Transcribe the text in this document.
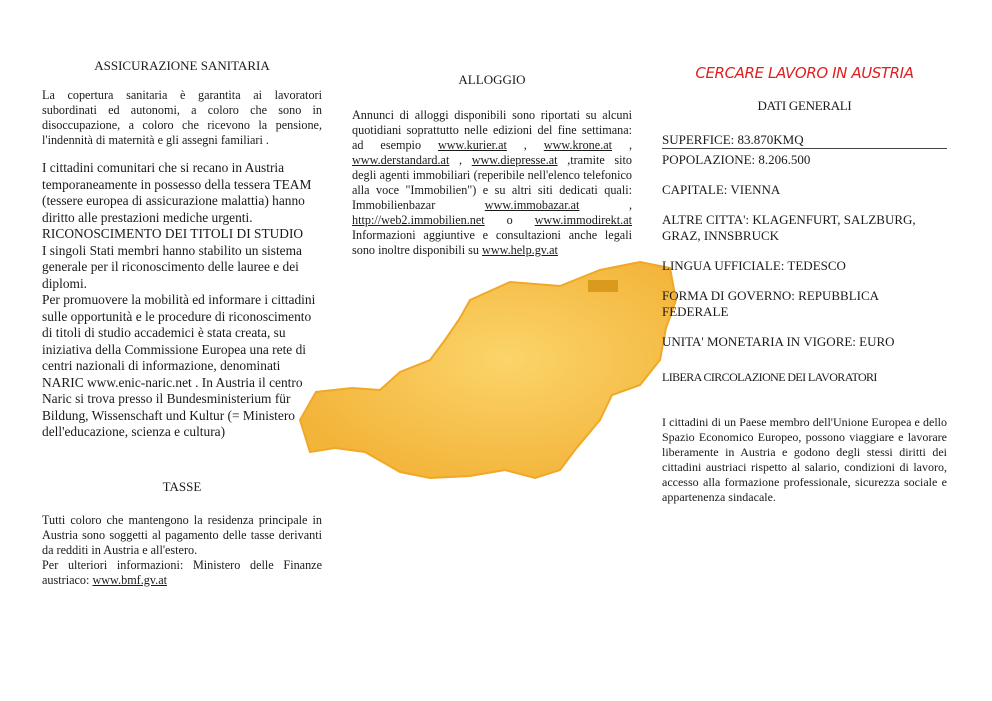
ASSICURAZIONE SANITARIA

La copertura sanitaria è garantita ai lavoratori subordinati ed autonomi, a coloro che sono in disoccupazione, a coloro che ricevono la pensione, l'indennità di maternità e gli assegni familiari .

I cittadini comunitari che si recano in Austria temporaneamente in possesso della tessera TEAM (tessere europea di assicurazione malattia) hanno diritto alle prestazioni mediche urgenti.

RICONOSCIMENTO DEI TITOLI DI STUDIO

I singoli Stati membri hanno stabilito un sistema generale per il riconoscimento delle lauree e dei diplomi.

Per promuovere la mobilità ed informare i cittadini sulle opportunità e le procedure di riconoscimento di titoli di studio accademici è stata creata, su iniziativa della Commissione Europea una rete di centri nazionali di informazione, denominati NARIC www.enic-naric.net . In Austria il centro Naric si trova presso il Bundesministerium für Bildung, Wissenschaft und Kultur (= Ministero dell'educazione, scienza e cultura)

TASSE

Tutti coloro che mantengono la residenza principale in Austria sono soggetti al pagamento delle tasse derivanti da redditi in Austria e all'estero.

Per ulteriori informazioni: Ministero delle Finanze austriaco: www.bmf.gv.at

ALLOGGIO

Annunci di alloggi disponibili sono riportati su alcuni quotidiani soprattutto nelle edizioni del fine settimana: ad esempio www.kurier.at , www.krone.at , www.derstandard.at , www.diepresse.at ,tramite sito degli agenti immobiliari (reperibile nell'elenco telefonico alla voce "Immobilien") e su altri siti dedicati quali: Immobilienbazar www.immobazar.at , http://web2.immobilien.net o www.immodirekt.at Informazioni aggiuntive e consultazioni anche legali sono inoltre disponibili su www.help.gv.at

CERCARE LAVORO IN AUSTRIA

DATI GENERALI

SUPERFICE: 83.870KMQ

POPOLAZIONE: 8.206.500

CAPITALE: VIENNA

ALTRE CITTA': KLAGENFURT, SALZBURG, GRAZ, INNSBRUCK

LINGUA UFFICIALE: TEDESCO

FORMA DI GOVERNO: REPUBBLICA FEDERALE

UNITA' MONETARIA IN VIGORE: EURO

LIBERA CIRCOLAZIONE DEI LAVORATORI

I cittadini di un Paese membro dell'Unione Europea e dello Spazio Economico Europeo, possono viaggiare e lavorare liberamente in Austria e godono degli stessi diritti dei cittadini austriaci rispetto al salario, condizioni di lavoro, accesso alla formazione professionale, sicurezza sociale e appartenenza sindacale.
